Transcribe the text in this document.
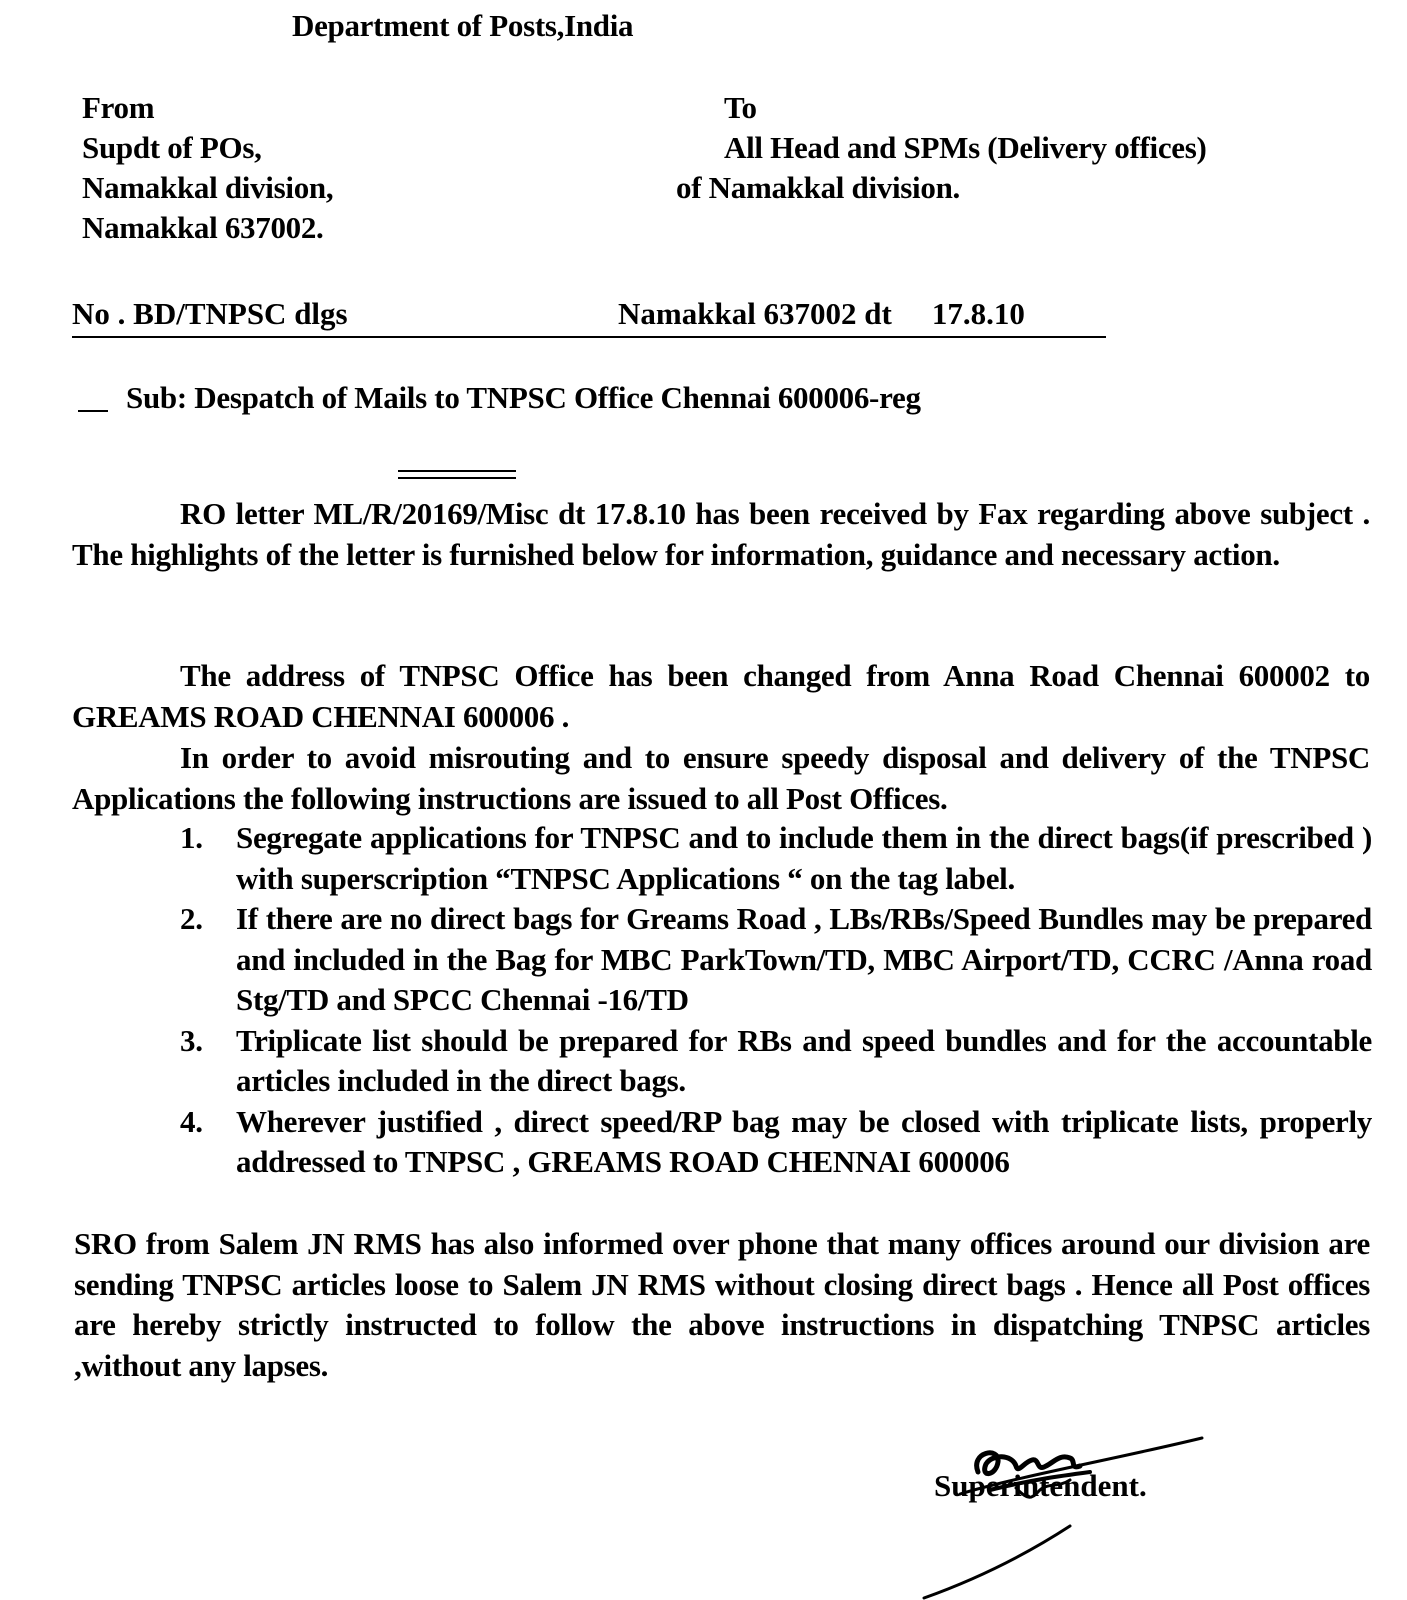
Department of Posts,India
From
Supdt of POs,
Namakkal division,
Namakkal 637002.
To
All Head and SPMs (Delivery offices)
of Namakkal division.
No . BD/TNPSC dlgs	Namakkal 637002 dt 17.8.10
Sub: Despatch of Mails to TNPSC Office Chennai 600006-reg
RO letter ML/R/20169/Misc dt 17.8.10 has been received by Fax regarding above subject . The highlights of the letter is furnished below for information, guidance and necessary action.
The address of TNPSC Office has been changed from Anna Road Chennai 600002 to GREAMS ROAD CHENNAI 600006 .
In order to avoid misrouting and to ensure speedy disposal and delivery of the TNPSC Applications the following instructions are issued to all Post Offices.
1. Segregate applications for TNPSC and to include them in the direct bags(if prescribed ) with superscription “TNPSC Applications “ on the tag label.
2. If there are no direct bags for Greams Road , LBs/RBs/Speed Bundles may be prepared and included in the Bag for MBC ParkTown/TD, MBC Airport/TD, CCRC /Anna road Stg/TD and SPCC Chennai -16/TD
3. Triplicate list should be prepared for RBs and speed bundles and for the accountable articles included in the direct bags.
4. Wherever justified , direct speed/RP bag may be closed with triplicate lists, properly addressed to TNPSC , GREAMS ROAD CHENNAI 600006
SRO from Salem JN RMS has also informed over phone that many offices around our division are sending TNPSC articles loose to Salem JN RMS without closing direct bags . Hence all Post offices are hereby strictly instructed to follow the above instructions in dispatching TNPSC articles ,without any lapses.
Superintendent.
